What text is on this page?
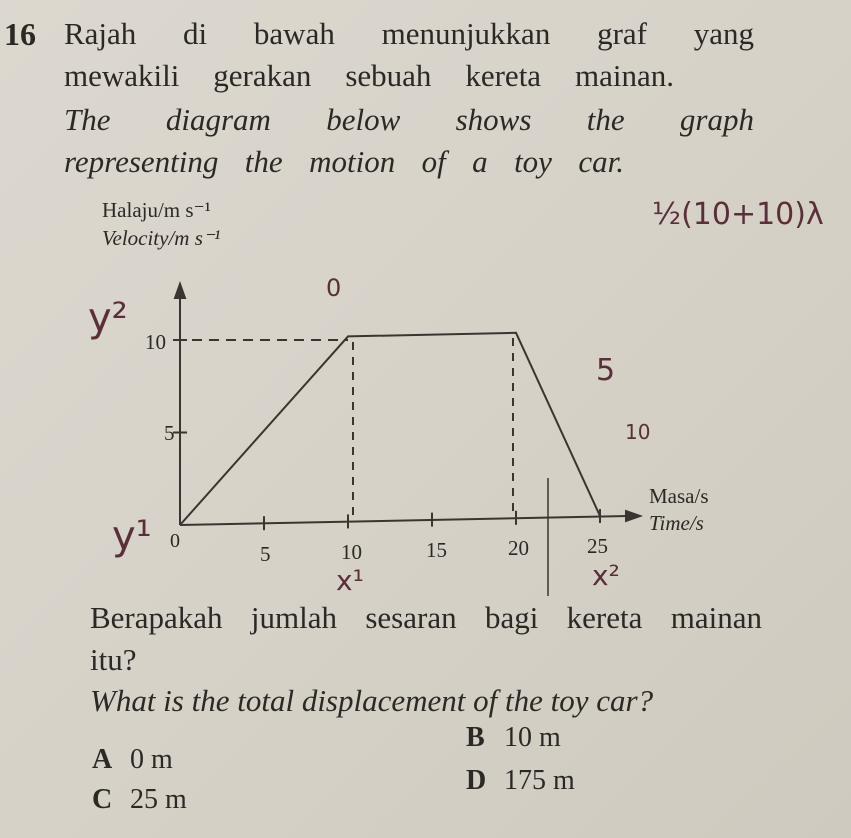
16 Rajah di bawah menunjukkan graf yang
mewakili gerakan sebuah kereta mainan.
The diagram below shows the graph
representing the motion of a toy car.
Halaju/m s⁻¹
Velocity/m s⁻¹
0
5	10	15	20	25
5
10
Masa/s
Time/s
½(10+10)λ
0
5
10
y²
y¹
x¹	x²
Berapakah jumlah sesaran bagi kereta mainan
itu?
What is the total displacement of the toy car?
A 0 m
B 10 m
C 25 m
D 175 m
